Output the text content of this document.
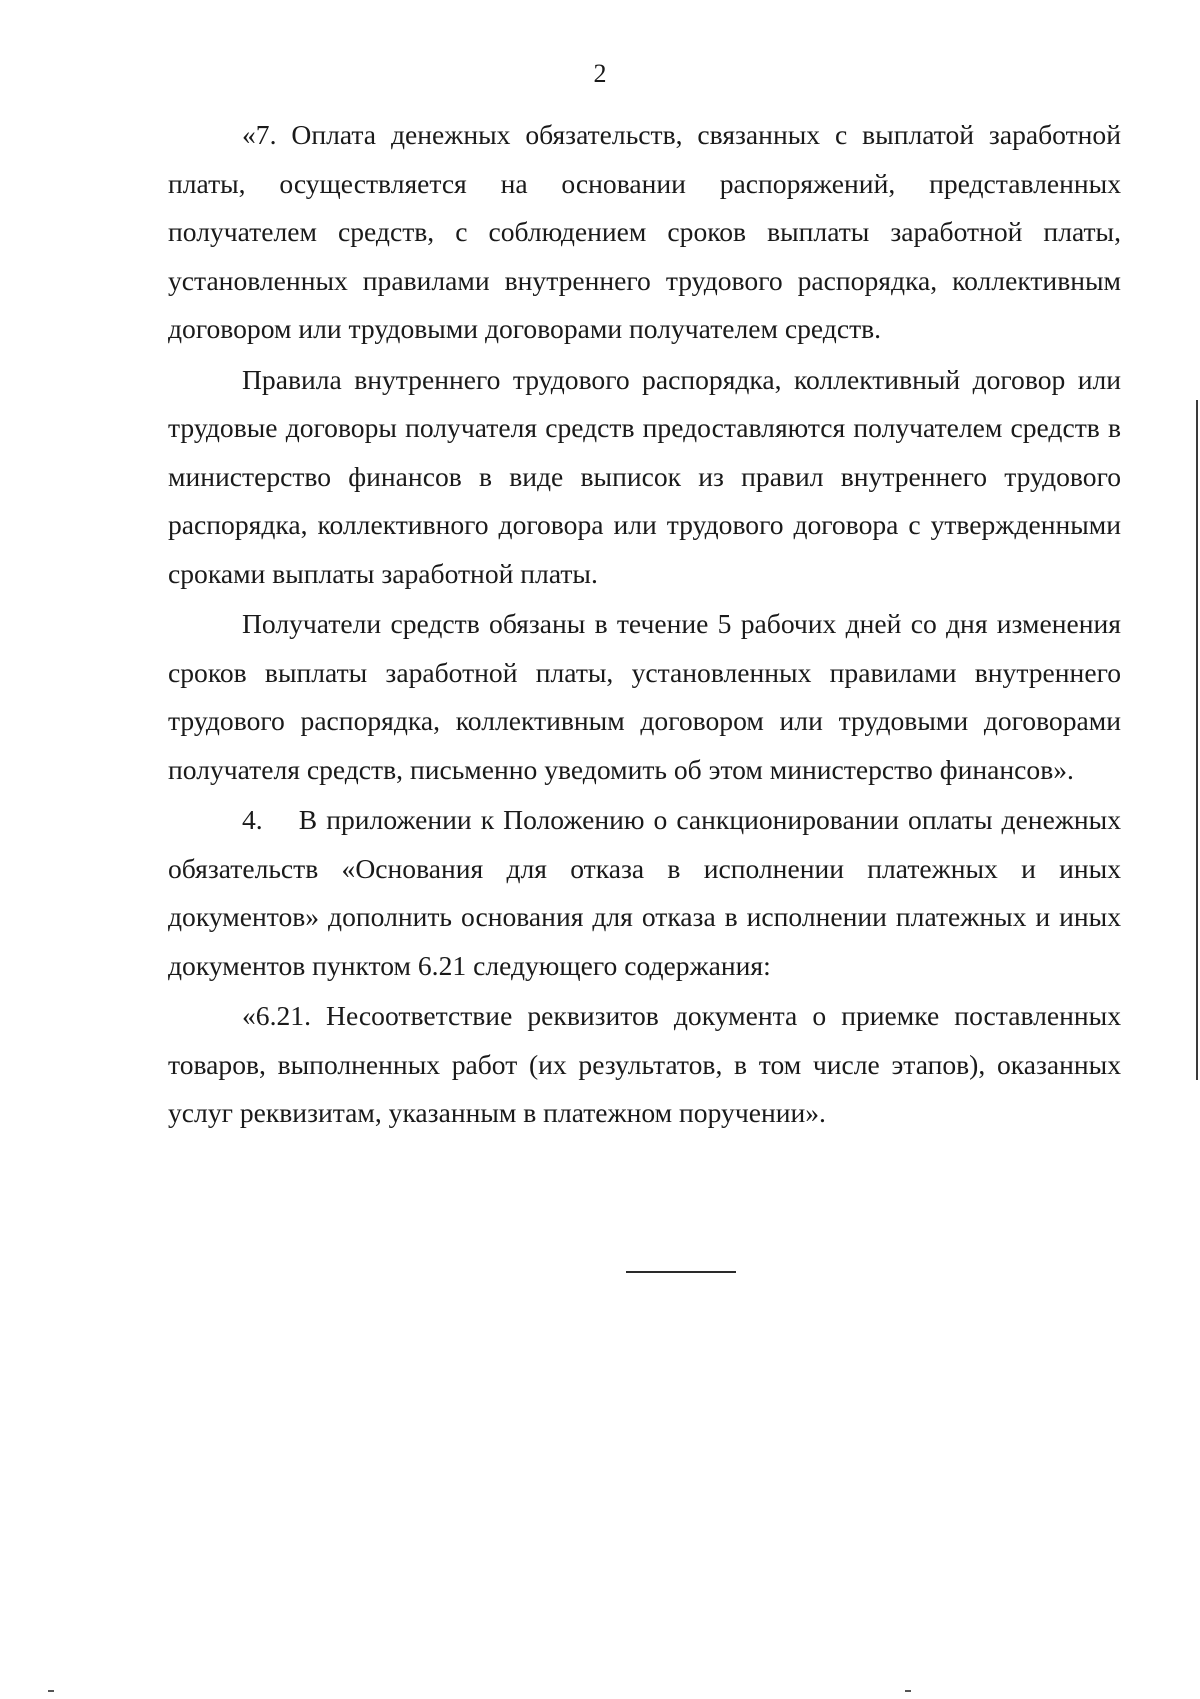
2

«7. Оплата денежных обязательств, связанных с выплатой заработной платы, осуществляется на основании распоряжений, представленных получателем средств, с соблюдением сроков выплаты заработной платы, установленных правилами внутреннего трудового распорядка, коллективным договором или трудовыми договорами получателем средств.

Правила внутреннего трудового распорядка, коллективный договор или трудовые договоры получателя средств предоставляются получателем средств в министерство финансов в виде выписок из правил внутреннего трудового распорядка, коллективного договора или трудового договора с утвержденными сроками выплаты заработной платы.

Получатели средств обязаны в течение 5 рабочих дней со дня изменения сроков выплаты заработной платы, установленных правилами внутреннего трудового распорядка, коллективным договором или трудовыми договорами получателя средств, письменно уведомить об этом министерство финансов».

4.    В приложении к Положению о санкционировании оплаты денежных обязательств «Основания для отказа в исполнении платежных и иных документов» дополнить основания для отказа в исполнении платежных и иных документов пунктом 6.21 следующего содержания:

«6.21. Несоответствие реквизитов документа о приемке поставленных товаров, выполненных работ (их результатов, в том числе этапов), оказанных услуг реквизитам, указанным в платежном поручении».
